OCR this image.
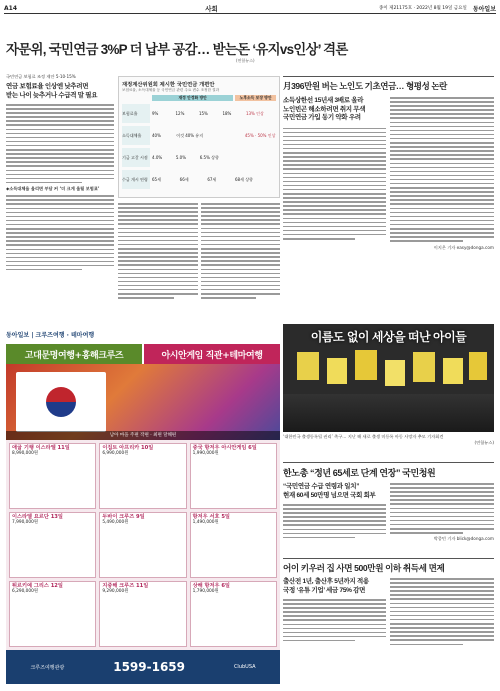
A14	사회	종이 제21175호 · 2022년 8월 19일 금요일 동아일보
자문위, 국민연금 3%P 더 납부 공감… 받는돈 ‘유지vs인상’ 격론
(연합뉴스)
국민연금 보험료 조정 제안 5·10·15%
연금 보험료율 인상엔 낮추려면
받는 나이 늦추거나 수급격 말 필요
◆소득대체율 올리면 부담 커 ‘더 크게 올릴 보험료’
재정계산위원회 제시한 국민연금 개편안
보험료율, 소득대체율 등 국민연금 관련 주요 변수 조정한 결과
재정 안정화 방안	노후소득 보장 방안
보험료율	9%	12%	15%	18%	13% 인상
소득대체율	40%	이것 40% 유지	45% · 50% 인상
기금 고갈 시점	4.0%	5.0%	6.5% 상향
수급 개시 연령	65세	66세	67세	68세 상향
月396만원 버는 노인도 기초연금… 형평성 논란
소득상한선 15년새 3배로 올라
노인빈곤 해소하려면 취지 무색
국민연금 가입 동기 약화 우려
이지은 기자 easy@donga.com
동아일보 | 크루즈여행 · 테마여행
고대문명여행+홍해크루즈	아시안게임 직관+테마여행
남아 마을 주편 작편 · 최편 달해편
애굽 기행 이스라엘 11일
8,990,000원
이집트 아프리카 10일
6,990,000원
중국 항저우 아시안게임 6일
1,990,000원
이스라엘 요르단 13일
7,990,000원
두바이 크루즈 9일
5,490,000원
항저우 서호 5일
1,490,000원
튀르키예 그리스 12일
6,290,000원
지중해 크루즈 11일
9,290,000원
상해 항저우 6일
1,790,000원
크루즈여행관광	1599-1659	ClubUSA
이름도 없이 세상을 떠난 아이들
‘대한민국 출생등록될 권리’ 촉구… 지난 해 새로 출생 미등록 아동 사망자 추모 기자회견
(연합뉴스)
한노총 “정년 65세로 단계 연장” 국민청원
“국민연금 수급 연령과 일치”
현재 60세 50만명 넘으면 국회 회부
박종민 기자 blick@donga.com
어이 키우러 집 사면 500만원 이하 취득세 면제
출산전 1년, 출산후 5년까지 적용
국정 ‘유튜 기업’ 세금 75% 감면
